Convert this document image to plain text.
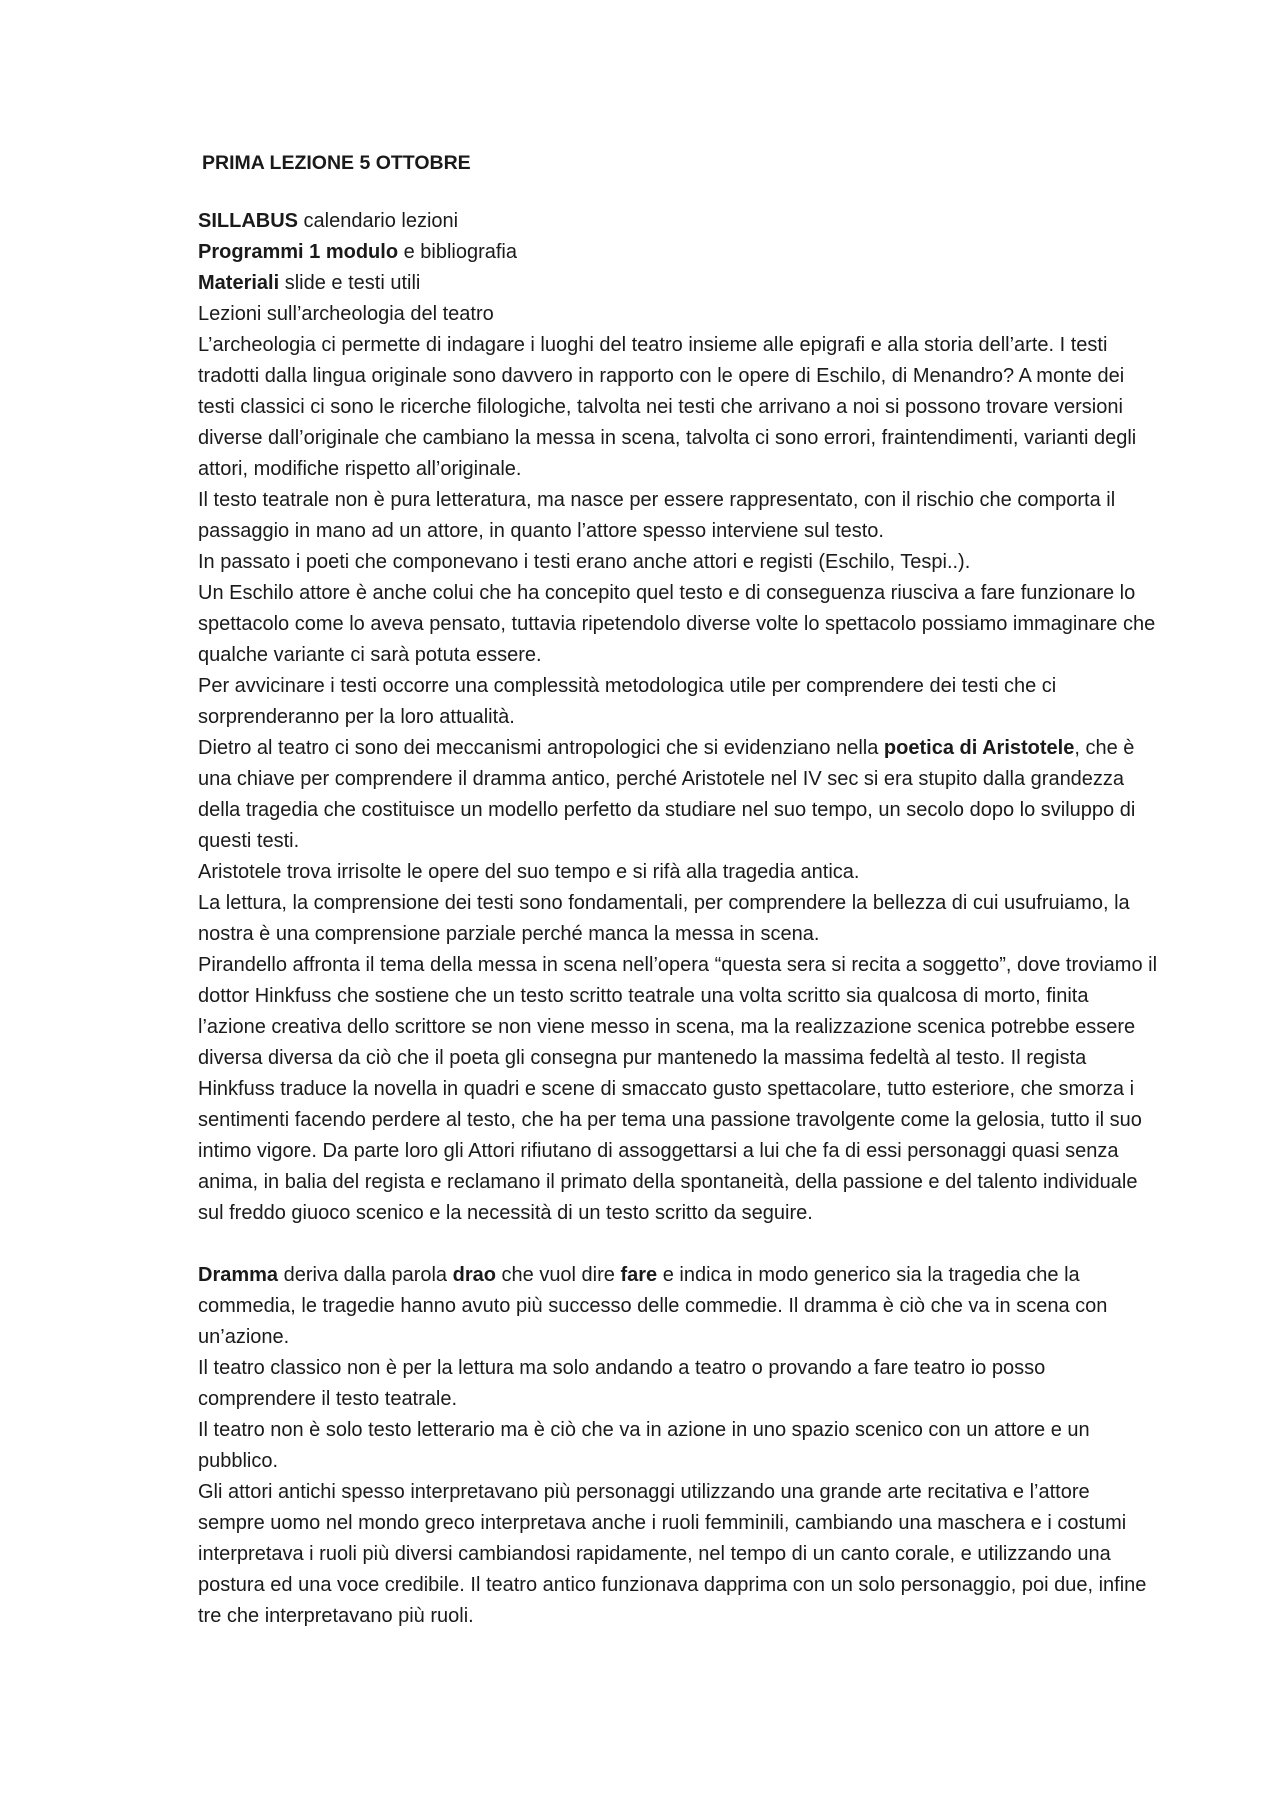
PRIMA LEZIONE 5 OTTOBRE
SILLABUS calendario lezioni
Programmi 1 modulo e bibliografia
Materiali slide e testi utili
Lezioni sull’archeologia del teatro

L’archeologia ci permette di indagare i luoghi del teatro insieme alle epigrafi e alla storia dell’arte. I testi tradotti dalla lingua originale sono davvero in rapporto con le opere di Eschilo, di Menandro? A monte dei testi classici ci sono le ricerche filologiche, talvolta nei testi che arrivano a noi si possono trovare versioni diverse dall’originale che cambiano la messa in scena, talvolta ci sono errori, fraintendimenti, varianti degli attori, modifiche rispetto all’originale.

Il testo teatrale non è pura letteratura, ma nasce per essere rappresentato, con il rischio che comporta il passaggio in mano ad un attore, in quanto l’attore spesso interviene sul testo.

In passato i poeti che componevano i testi erano anche attori e registi (Eschilo, Tespi..).

Un Eschilo attore è anche colui che ha concepito quel testo e di conseguenza riusciva a fare funzionare lo spettacolo come lo aveva pensato, tuttavia ripetendolo diverse volte lo spettacolo possiamo immaginare che qualche variante ci sarà potuta essere.

Per avvicinare i testi occorre una complessità metodologica utile per comprendere dei testi che ci sorprenderanno per la loro attualità.

Dietro al teatro ci sono dei meccanismi antropologici che si evidenziano nella poetica di Aristotele, che è una chiave per comprendere il dramma antico, perché Aristotele nel IV sec si era stupito dalla grandezza della tragedia che costituisce un modello perfetto da studiare nel suo tempo, un secolo dopo lo sviluppo di questi testi.

Aristotele trova irrisolte le opere del suo tempo e si rifà alla tragedia antica.

La lettura, la comprensione dei testi sono fondamentali, per comprendere la bellezza di cui usufruiamo, la nostra è una comprensione parziale perché manca la messa in scena.

Pirandello affronta il tema della messa in scena nell’opera “questa sera si recita a soggetto”, dove troviamo il dottor Hinkfuss che sostiene che un testo scritto teatrale una volta scritto sia qualcosa di morto, finita l’azione creativa dello scrittore se non viene messo in scena, ma la realizzazione scenica potrebbe essere diversa diversa da ciò che il poeta gli consegna pur mantenedo la massima fedeltà al testo. Il regista Hinkfuss traduce la novella in quadri e scene di smaccato gusto spettacolare, tutto esteriore, che smorza i sentimenti facendo perdere al testo, che ha per tema una passione travolgente come la gelosia, tutto il suo intimo vigore. Da parte loro gli Attori rifiutano di assoggettarsi a lui che fa di essi personaggi quasi senza anima, in balia del regista e reclamano il primato della spontaneità, della passione e del talento individuale sul freddo giuoco scenico e la necessità di un testo scritto da seguire.

Dramma deriva dalla parola drao che vuol dire fare e indica in modo generico sia la tragedia che la commedia, le tragedie hanno avuto più successo delle commedie. Il dramma è ciò che va in scena con un’azione.

Il teatro classico non è per la lettura ma solo andando a teatro o provando a fare teatro io posso comprendere il testo teatrale.

Il teatro non è solo testo letterario ma è ciò che va in azione in uno spazio scenico con un attore e un pubblico.

Gli attori antichi spesso interpretavano più personaggi utilizzando una grande arte recitativa e l’attore sempre uomo nel mondo greco interpretava anche i ruoli femminili, cambiando una maschera e i costumi interpretava i ruoli più diversi cambiandosi rapidamente, nel tempo di un canto corale, e utilizzando una postura ed una voce credibile. Il teatro antico funzionava dapprima con un solo personaggio, poi due, infine tre che interpretavano più ruoli.
